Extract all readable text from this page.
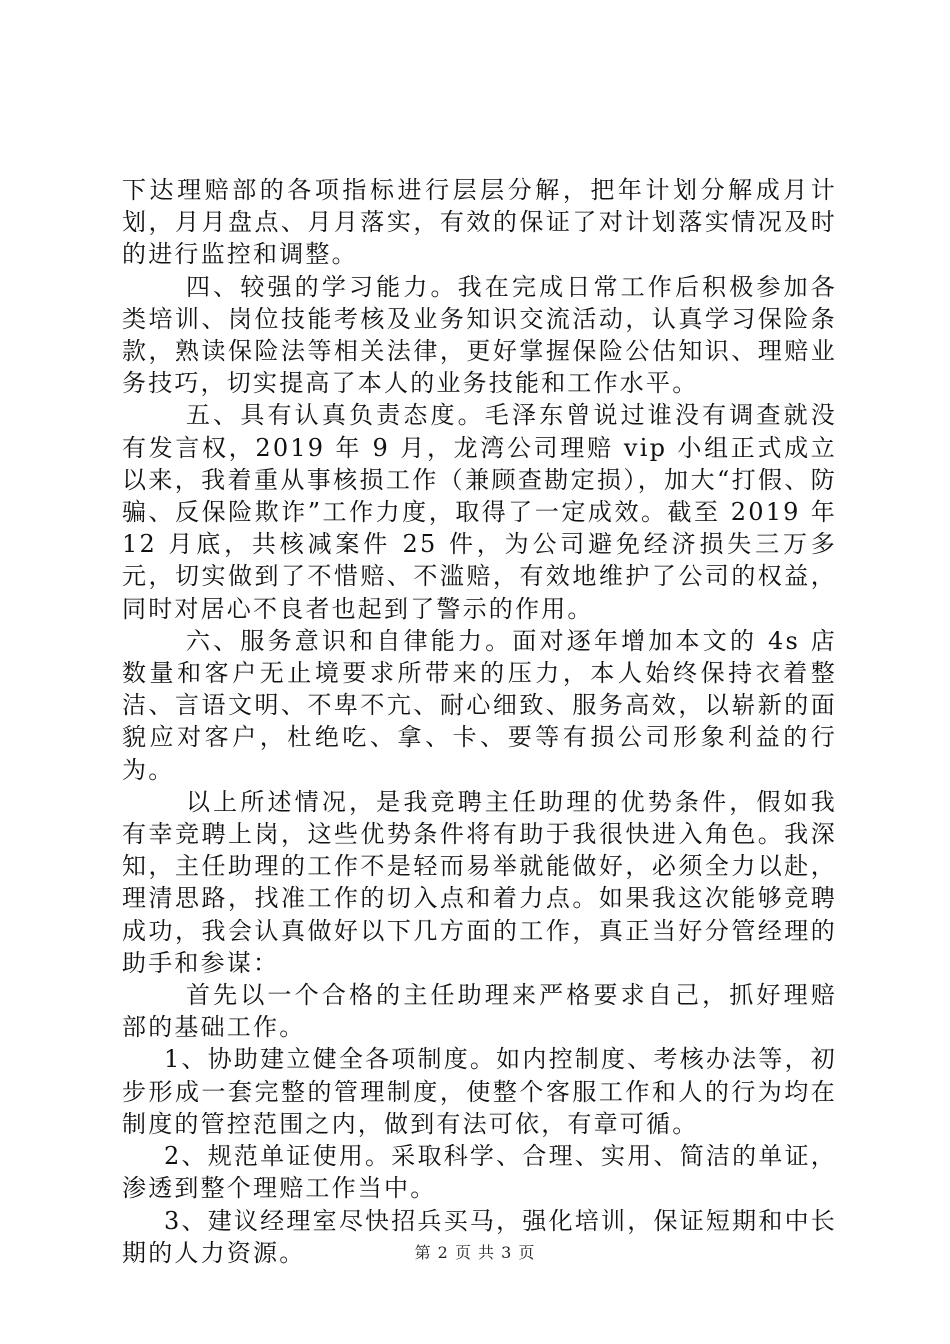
下达理赔部的各项指标进行层层分解，把年计划分解成月计划，月月盘点、月月落实，有效的保证了对计划落实情况及时的进行监控和调整。

四、较强的学习能力。我在完成日常工作后积极参加各类培训、岗位技能考核及业务知识交流活动，认真学习保险条款，熟读保险法等相关法律，更好掌握保险公估知识、理赔业务技巧，切实提高了本人的业务技能和工作水平。

五、具有认真负责态度。毛泽东曾说过谁没有调查就没有发言权，2019 年 9 月，龙湾公司理赔 vip 小组正式成立以来，我着重从事核损工作（兼顾查勘定损），加大“打假、防骗、反保险欺诈”工作力度，取得了一定成效。截至 2019 年 12 月底，共核减案件 25 件，为公司避免经济损失三万多元，切实做到了不惜赔、不滥赔，有效地维护了公司的权益，同时对居心不良者也起到了警示的作用。

六、服务意识和自律能力。面对逐年增加本文的 4s 店数量和客户无止境要求所带来的压力，本人始终保持衣着整洁、言语文明、不卑不亢、耐心细致、服务高效，以崭新的面貌应对客户，杜绝吃、拿、卡、要等有损公司形象利益的行为。

以上所述情况，是我竞聘主任助理的优势条件，假如我有幸竞聘上岗，这些优势条件将有助于我很快进入角色。我深知，主任助理的工作不是轻而易举就能做好，必须全力以赴，理清思路，找准工作的切入点和着力点。如果我这次能够竞聘成功，我会认真做好以下几方面的工作，真正当好分管经理的助手和参谋：

首先以一个合格的主任助理来严格要求自己，抓好理赔部的基础工作。

1、协助建立健全各项制度。如内控制度、考核办法等，初步形成一套完整的管理制度，使整个客服工作和人的行为均在制度的管控范围之内，做到有法可依，有章可循。

2、规范单证使用。采取科学、合理、实用、简洁的单证，渗透到整个理赔工作当中。

3、建议经理室尽快招兵买马，强化培训，保证短期和中长期的人力资源。	第 2 页 共 3 页
